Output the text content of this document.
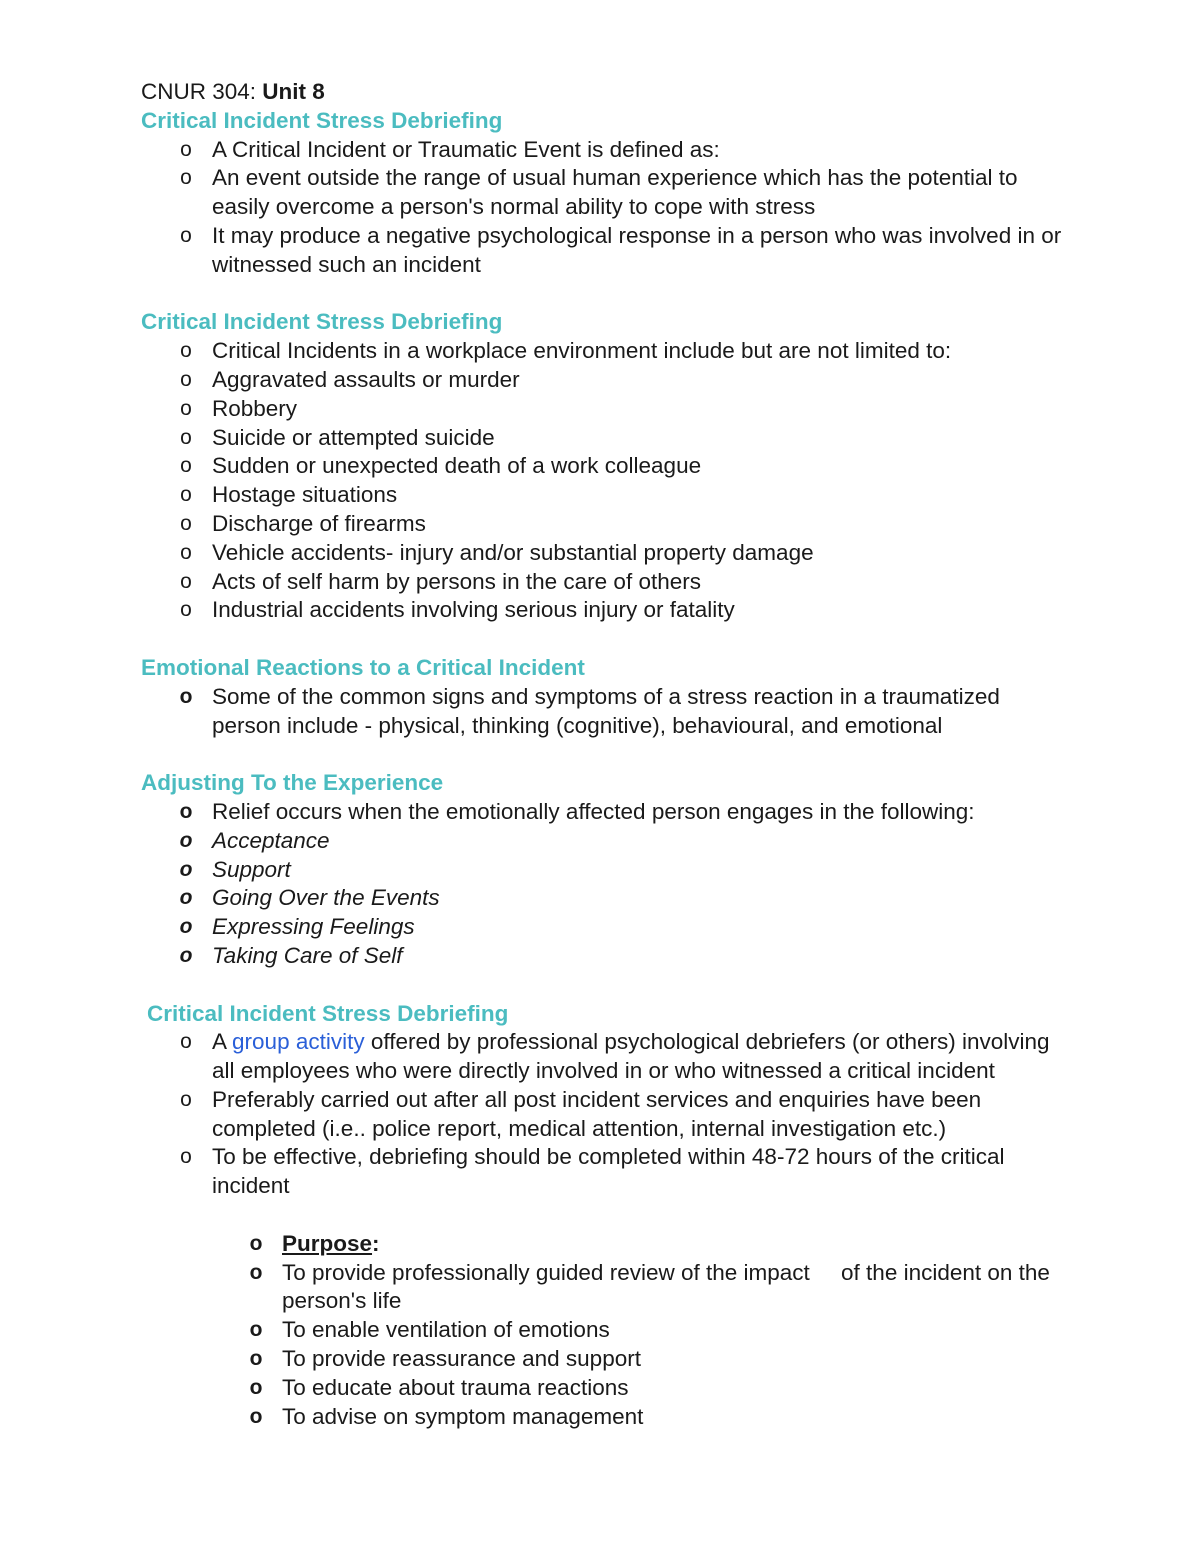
CNUR 304: Unit 8

Critical Incident Stress Debriefing

o A Critical Incident or Traumatic Event is defined as:
o An event outside the range of usual human experience which has the potential to easily overcome a person's normal ability to cope with stress
o It may produce a negative psychological response in a person who was involved in or witnessed such an incident

Critical Incident Stress Debriefing

o Critical Incidents in a workplace environment include but are not limited to:
o Aggravated assaults or murder
o Robbery
o Suicide or attempted suicide
o Sudden or unexpected death of a work colleague
o Hostage situations
o Discharge of firearms
o Vehicle accidents- injury and/or substantial property damage
o Acts of self harm by persons in the care of others
o Industrial accidents involving serious injury or fatality

Emotional Reactions to a Critical Incident

o Some of the common signs and symptoms of a stress reaction in a traumatized person include - physical, thinking (cognitive), behavioural, and emotional

Adjusting To the Experience

o Relief occurs when the emotionally affected person engages in the following:
o Acceptance
o Support
o Going Over the Events
o Expressing Feelings
o Taking Care of Self

Critical Incident Stress Debriefing

o A group activity offered by professional psychological debriefers (or others) involving all employees who were directly involved in or who witnessed a critical incident
o Preferably carried out after all post incident services and enquiries have been completed (i.e.. police report, medical attention, internal investigation etc.)
o To be effective, debriefing should be completed within 48-72 hours of the critical incident
o Purpose:
o To provide professionally guided review of the impact     of the incident on the person's life
o To enable ventilation of emotions
o To provide reassurance and support
o To educate about trauma reactions
o To advise on symptom management
